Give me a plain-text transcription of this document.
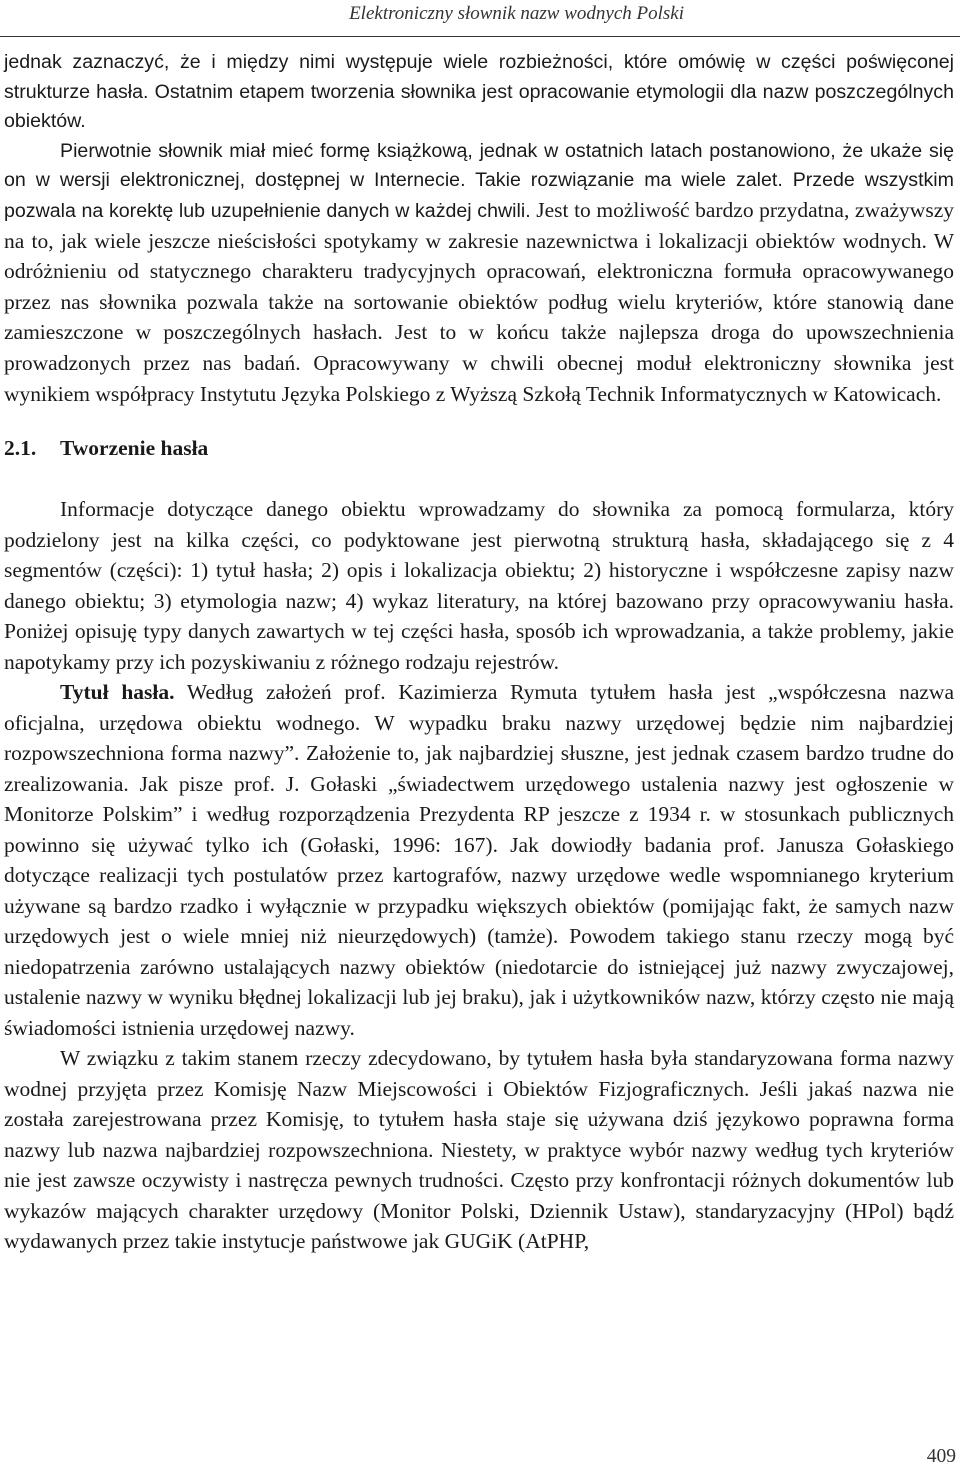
Elektroniczny słownik nazw wodnych Polski

jednak zaznaczyć, że i między nimi występuje wiele rozbieżności, które omówię w części poświęconej strukturze hasła. Ostatnim etapem tworzenia słownika jest opracowanie etymologii dla nazw poszczególnych obiektów.

Pierwotnie słownik miał mieć formę książkową, jednak w ostatnich latach postanowiono, że ukaże się on w wersji elektronicznej, dostępnej w Internecie. Takie rozwiązanie ma wiele zalet. Przede wszystkim pozwala na korektę lub uzupełnienie danych w każdej chwili. Jest to możliwość bardzo przydatna, zważywszy na to, jak wiele jeszcze nieścisłości spotykamy w zakresie nazewnictwa i lokalizacji obiektów wodnych. W odróżnieniu od statycznego charakteru tradycyjnych opracowań, elektroniczna formuła opracowywanego przez nas słownika pozwala także na sortowanie obiektów podług wielu kryteriów, które stanowią dane zamieszczone w poszczególnych hasłach. Jest to w końcu także najlepsza droga do upowszechnienia prowadzonych przez nas badań. Opracowywany w chwili obecnej moduł elektroniczny słownika jest wynikiem współpracy Instytutu Języka Polskiego z Wyższą Szkołą Technik Informatycznych w Katowicach.

2.1. Tworzenie hasła

Informacje dotyczące danego obiektu wprowadzamy do słownika za pomocą formularza, który podzielony jest na kilka części, co podyktowane jest pierwotną strukturą hasła, składającego się z 4 segmentów (części): 1) tytuł hasła; 2) opis i lokalizacja obiektu; 2) historyczne i współczesne zapisy nazw danego obiektu; 3) etymologia nazw; 4) wykaz literatury, na której bazowano przy opracowywaniu hasła. Poniżej opisuję typy danych zawartych w tej części hasła, sposób ich wprowadzania, a także problemy, jakie napotykamy przy ich pozyskiwaniu z różnego rodzaju rejestrów.

Tytuł hasła. Według założeń prof. Kazimierza Rymuta tytułem hasła jest „współczesna nazwa oficjalna, urzędowa obiektu wodnego. W wypadku braku nazwy urzędowej będzie nim najbardziej rozpowszechniona forma nazwy”. Założenie to, jak najbardziej słuszne, jest jednak czasem bardzo trudne do zrealizowania. Jak pisze prof. J. Gołaski „świadectwem urzędowego ustalenia nazwy jest ogłoszenie w Monitorze Polskim” i według rozporządzenia Prezydenta RP jeszcze z 1934 r. w stosunkach publicznych powinno się używać tylko ich (Gołaski, 1996: 167). Jak dowiodły badania prof. Janusza Gołaskiego dotyczące realizacji tych postulatów przez kartografów, nazwy urzędowe wedle wspomnianego kryterium używane są bardzo rzadko i wyłącznie w przypadku większych obiektów (pomijając fakt, że samych nazw urzędowych jest o wiele mniej niż nieurzędowych) (tamże). Powodem takiego stanu rzeczy mogą być niedopatrzenia zarówno ustalających nazwy obiektów (niedotarcie do istniejącej już nazwy zwyczajowej, ustalenie nazwy w wyniku błędnej lokalizacji lub jej braku), jak i użytkowników nazw, którzy często nie mają świadomości istnienia urzędowej nazwy.

W związku z takim stanem rzeczy zdecydowano, by tytułem hasła była standaryzowana forma nazwy wodnej przyjęta przez Komisję Nazw Miejscowości i Obiektów Fizjograficznych. Jeśli jakaś nazwa nie została zarejestrowana przez Komisję, to tytułem hasła staje się używana dziś językowo poprawna forma nazwy lub nazwa najbardziej rozpowszechniona. Niestety, w praktyce wybór nazwy według tych kryteriów nie jest zawsze oczywisty i nastręcza pewnych trudności. Często przy konfrontacji różnych dokumentów lub wykazów mających charakter urzędowy (Monitor Polski, Dziennik Ustaw), standaryzacyjny (HPol) bądź wydawanych przez takie instytucje państwowe jak GUGiK (AtPHP,

409
